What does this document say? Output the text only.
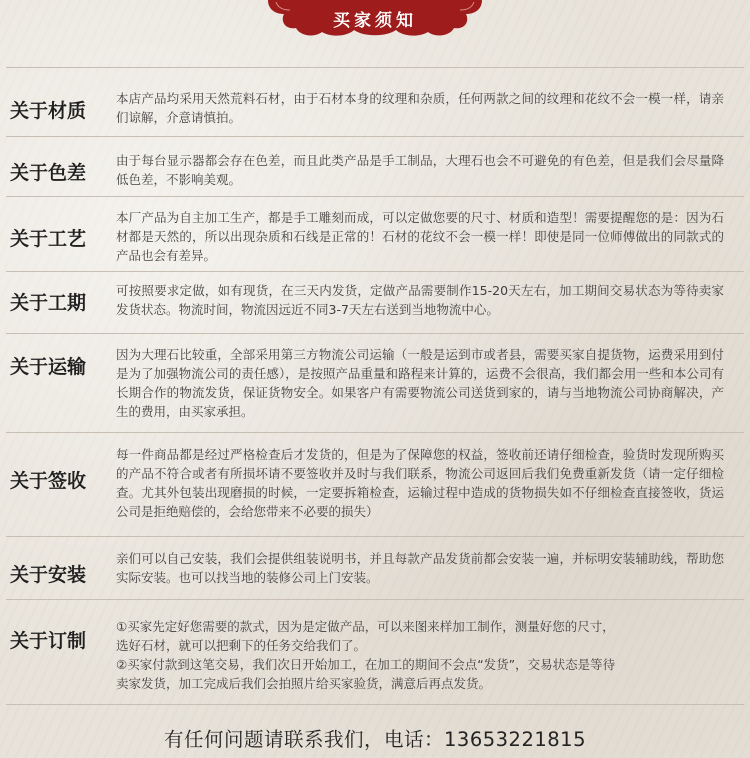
买家须知
关于材质

本店产品均采用天然荒料石材，由于石材本身的纹理和杂质，任何两款之间的纹理和花纹不会一模一样，请亲们谅解，介意请慎拍。

关于色差

由于每台显示器都会存在色差，而且此类产品是手工制品，大理石也会不可避免的有色差，但是我们会尽量降低色差，不影响美观。

关于工艺

本厂产品为自主加工生产，都是手工雕刻而成，可以定做您要的尺寸、材质和造型！需要提醒您的是：因为石材都是天然的，所以出现杂质和石线是正常的！石材的花纹不会一模一样！即使是同一位师傅做出的同款式的产品也会有差异。

关于工期

可按照要求定做，如有现货，在三天内发货，定做产品需要制作15-20天左右，加工期间交易状态为等待卖家发货状态。物流时间，物流因远近不同3-7天左右送到当地物流中心。

关于运输

因为大理石比较重，全部采用第三方物流公司运输（一般是运到市或者县，需要买家自提货物，运费采用到付是为了加强物流公司的责任感），是按照产品重量和路程来计算的，运费不会很高，我们都会用一些和本公司有长期合作的物流发货，保证货物安全。如果客户有需要物流公司送货到家的，请与当地物流公司协商解决，产生的费用，由买家承担。

关于签收

每一件商品都是经过严格检查后才发货的，但是为了保障您的权益，签收前还请仔细检查，验货时发现所购买的产品不符合或者有所损坏请不要签收并及时与我们联系，物流公司返回后我们免费重新发货（请一定仔细检查。尤其外包装出现磨损的时候，一定要拆箱检查，运输过程中造成的货物损失如不仔细检查直接签收，货运公司是拒绝赔偿的，会给您带来不必要的损失）

关于安装

亲们可以自己安装，我们会提供组装说明书，并且每款产品发货前都会安装一遍，并标明安装辅助线，帮助您实际安装。也可以找当地的装修公司上门安装。

关于订制
①买家先定好您需要的款式，因为是定做产品，可以来图来样加工制作，测量好您的尺寸，
选好石材，就可以把剩下的任务交给我们了。
②买家付款到这笔交易，我们次日开始加工，在加工的期间不会点“发货”，交易状态是等待
卖家发货，加工完成后我们会拍照片给买家验货，满意后再点发货。
有任何问题请联系我们，电话：13653221815
